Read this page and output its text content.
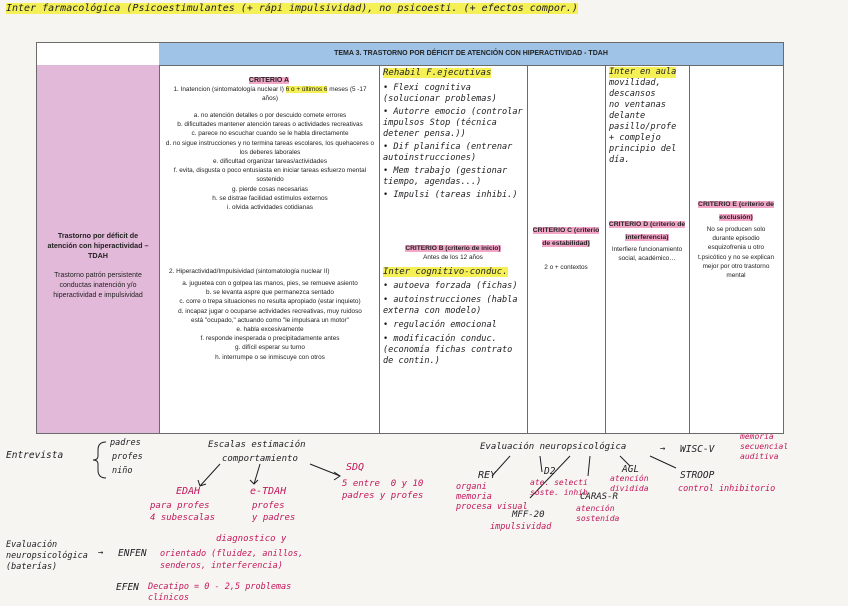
Inter farmacológica (Psicoestimulantes (+ rápi impulsividad), no psicoesti. (+ efectos compor.)
TEMA 3. TRASTORNO POR DÉFICIT DE ATENCIÓN CON HIPERACTIVIDAD - TDAH
Trastorno por déficit de atención con hiperactividad – TDAH
Trastorno patrón persistente conductas inatención y/o hiperactividad e impulsividad
CRITERIO A
1. Inatencion (sintomatología nuclear I) 6 o + últimos 6 meses (5 -17 años)
a. no atención detalles o por descuido comete errores
b. dificultades mantener atención tareas o actividades recreativas
c. parece no escuchar cuando se le habla directamente
d. no sigue instrucciones y no termina tareas escolares, los quehaceres o los deberes laborales
e. dificultad organizar tareas/actividades
f. evita, disgusta o poco entusiasta en iniciar tareas esfuerzo mental sostenido
g. pierde cosas necesarias
h. se distrae facilidad estímulos externos
i. olvida actividades cotidianas
2. Hiperactividad/Impulsividad (sintomatología nuclear II)
a. juguetea con o golpea las manos, pies, se remueve asiento
b. se levanta aspre que permanezca sentado
c. corre o trepa situaciones no resulta apropiado (estar inquieto)
d. incapaz jugar o ocuparse actividades recreativas, muy ruidoso
está "ocupado," actuando como "le impulsara un motor"
e. habla excesivamente
f. responde inesperada o precipitadamente antes
g. difícil esperar su turno
h. interrumpe o se inmiscuye con otros
Rehabil F.ejecutivas
• Flexi cognitiva (solucionar problemas)
• Autorre emocio (controlar impulsos Stop (técnica detener pensa.))
• Dif planifica (entrenar autoinstrucciones)
• Mem trabajo (gestionar tiempo, agendas...)
• Impulsi (tareas inhibi.)
CRITERIO B (criterio de inicio)
Antes de los 12 años
Inter cognitivo-conduc.
• autoeva forzada (fichas)
• autoinstrucciones (habla externa con modelo)
• regulación emocional
• modificación conduc. (economía fichas contrato de contin.)
CRITERIO C (criterio de estabilidad)
2 o + contextos
Inter en aula
movilidad,
descansos
no ventanas
delante
pasillo/profe
+ complejo
principio del
día.
CRITERIO D (criterio de interferencia)
Interfiere funcionamiento social, académico…
CRITERIO E (criterio de exclusión)
No se producen solo durante episodio esquizofrenia u otro t.psicótico y no se explican mejor por otro trastorno mental
Entrevista
padres
profes
niño
Escalas estimación
comportamiento
EDAH
para profes
4 subescalas
e-TDAH
profes
y padres
diagnostico y
SDQ
5 entre  0 y 10
padres y profes
Evaluación neuropsicológica	→ WISC-V
memoria
secuencial
auditiva
STROOP
control inhibitorio
REY
organi
memoria
procesa visual
D2
ate. selecti
soste. inhib
AGL
atención
dividida
CARAS-R
atención
sostenida
MFF-20
impulsividad
Evaluación
neuropsicológica
(baterías)
→ ENFEN orientado (fluidez, anillos,
senderos, interferencia)
EFEN Decatipo = 0 - 2,5 problemas
clínicos
